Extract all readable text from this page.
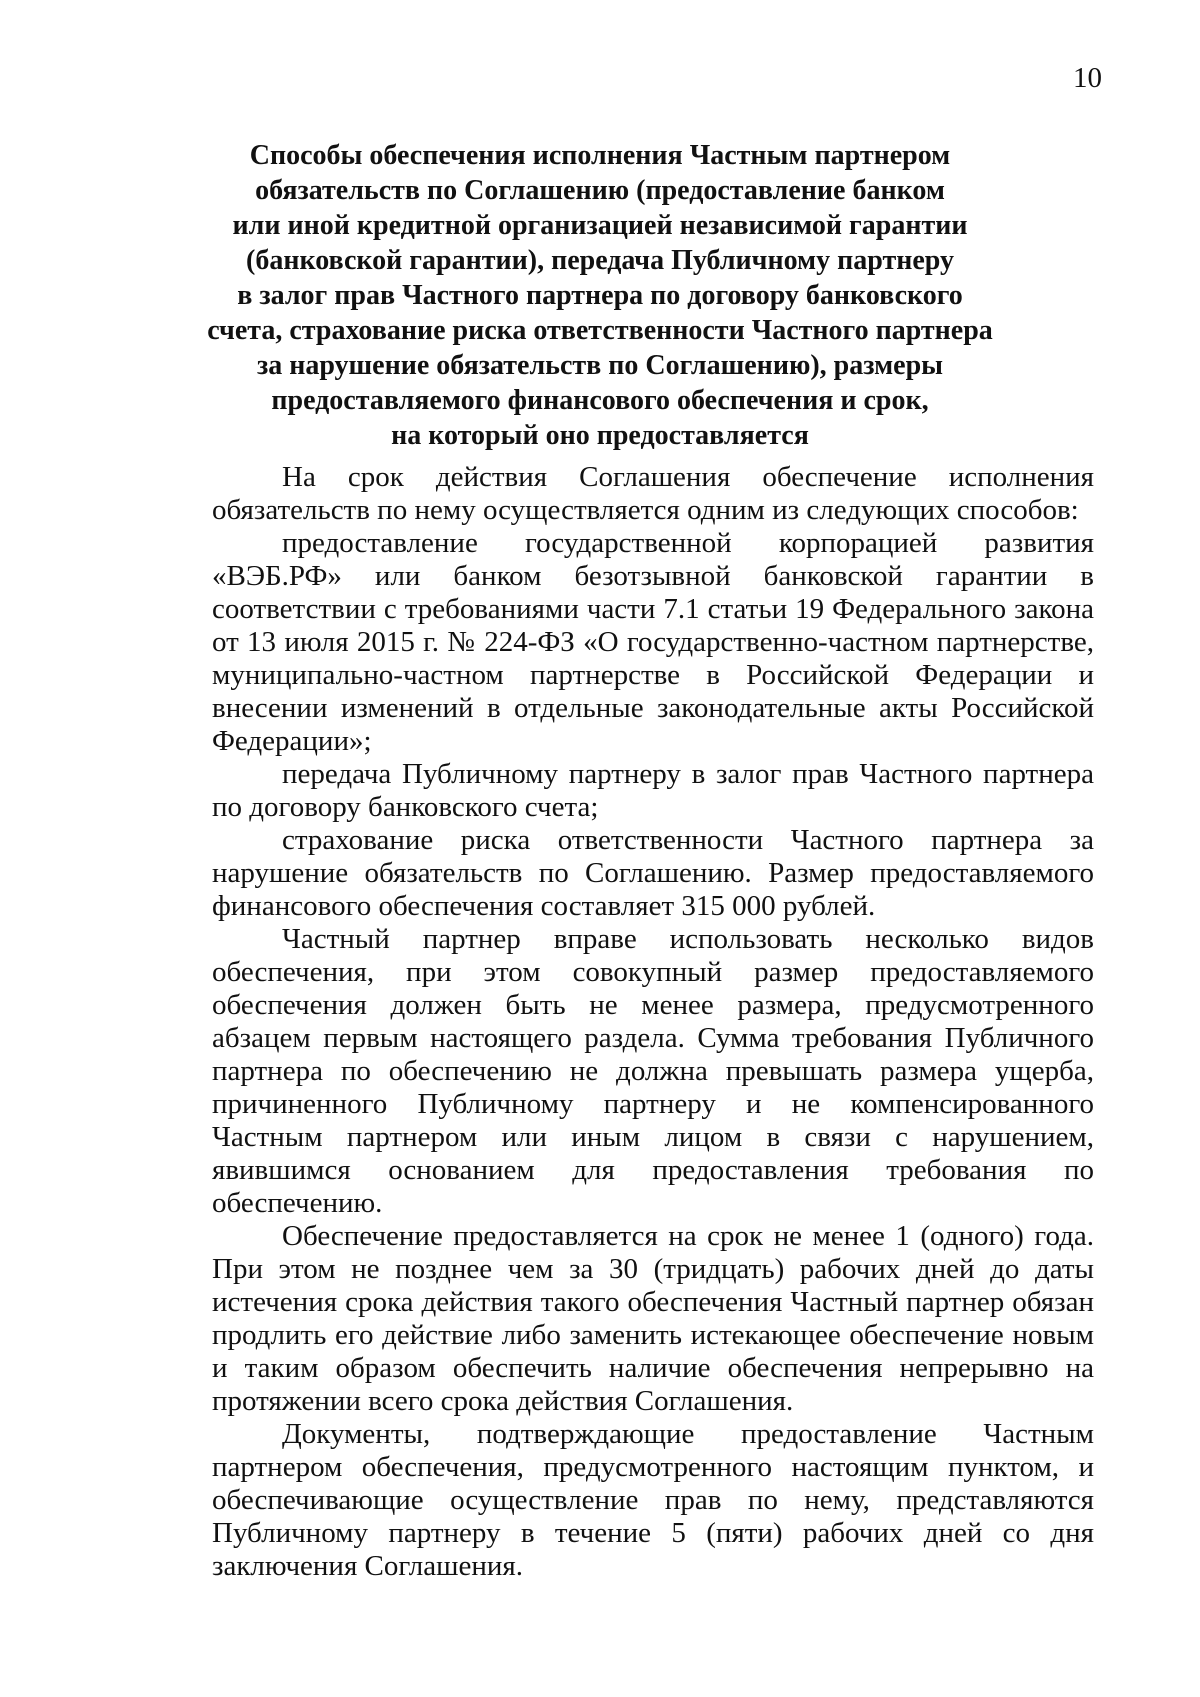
10
Способы обеспечения исполнения Частным партнером
обязательств по Соглашению (предоставление банком
или иной кредитной организацией независимой гарантии
(банковской гарантии), передача Публичному партнеру
в залог прав Частного партнера по договору банковского
счета, страхование риска ответственности Частного партнера
за нарушение обязательств по Соглашению), размеры
предоставляемого финансового обеспечения и срок,
на который оно предоставляется

На срок действия Соглашения обеспечение исполнения обязательств по нему осуществляется одним из следующих способов:

предоставление государственной корпорацией развития «ВЭБ.РФ» или банком безотзывной банковской гарантии в соответствии с требованиями части 7.1 статьи 19 Федерального закона от 13 июля 2015 г. № 224-ФЗ «О государственно-частном партнерстве, муниципально-частном партнерстве в Российской Федерации и внесении изменений в отдельные законодательные акты Российской Федерации»;

передача Публичному партнеру в залог прав Частного партнера по договору банковского счета;

страхование риска ответственности Частного партнера за нарушение обязательств по Соглашению. Размер предоставляемого финансового обеспечения составляет 315 000 рублей.

Частный партнер вправе использовать несколько видов обеспечения, при этом совокупный размер предоставляемого обеспечения должен быть не менее размера, предусмотренного абзацем первым настоящего раздела. Сумма требования Публичного партнера по обеспечению не должна превышать размера ущерба, причиненного Публичному партнеру и не компенсированного Частным партнером или иным лицом в связи с нарушением, явившимся основанием для предоставления требования по обеспечению.

Обеспечение предоставляется на срок не менее 1 (одного) года. При этом не позднее чем за 30 (тридцать) рабочих дней до даты истечения срока действия такого обеспечения Частный партнер обязан продлить его действие либо заменить истекающее обеспечение новым и таким образом обеспечить наличие обеспечения непрерывно на протяжении всего срока действия Соглашения.

Документы, подтверждающие предоставление Частным партнером обеспечения, предусмотренного настоящим пунктом, и обеспечивающие осуществление прав по нему, представляются Публичному партнеру в течение 5 (пяти) рабочих дней со дня заключения Соглашения.
